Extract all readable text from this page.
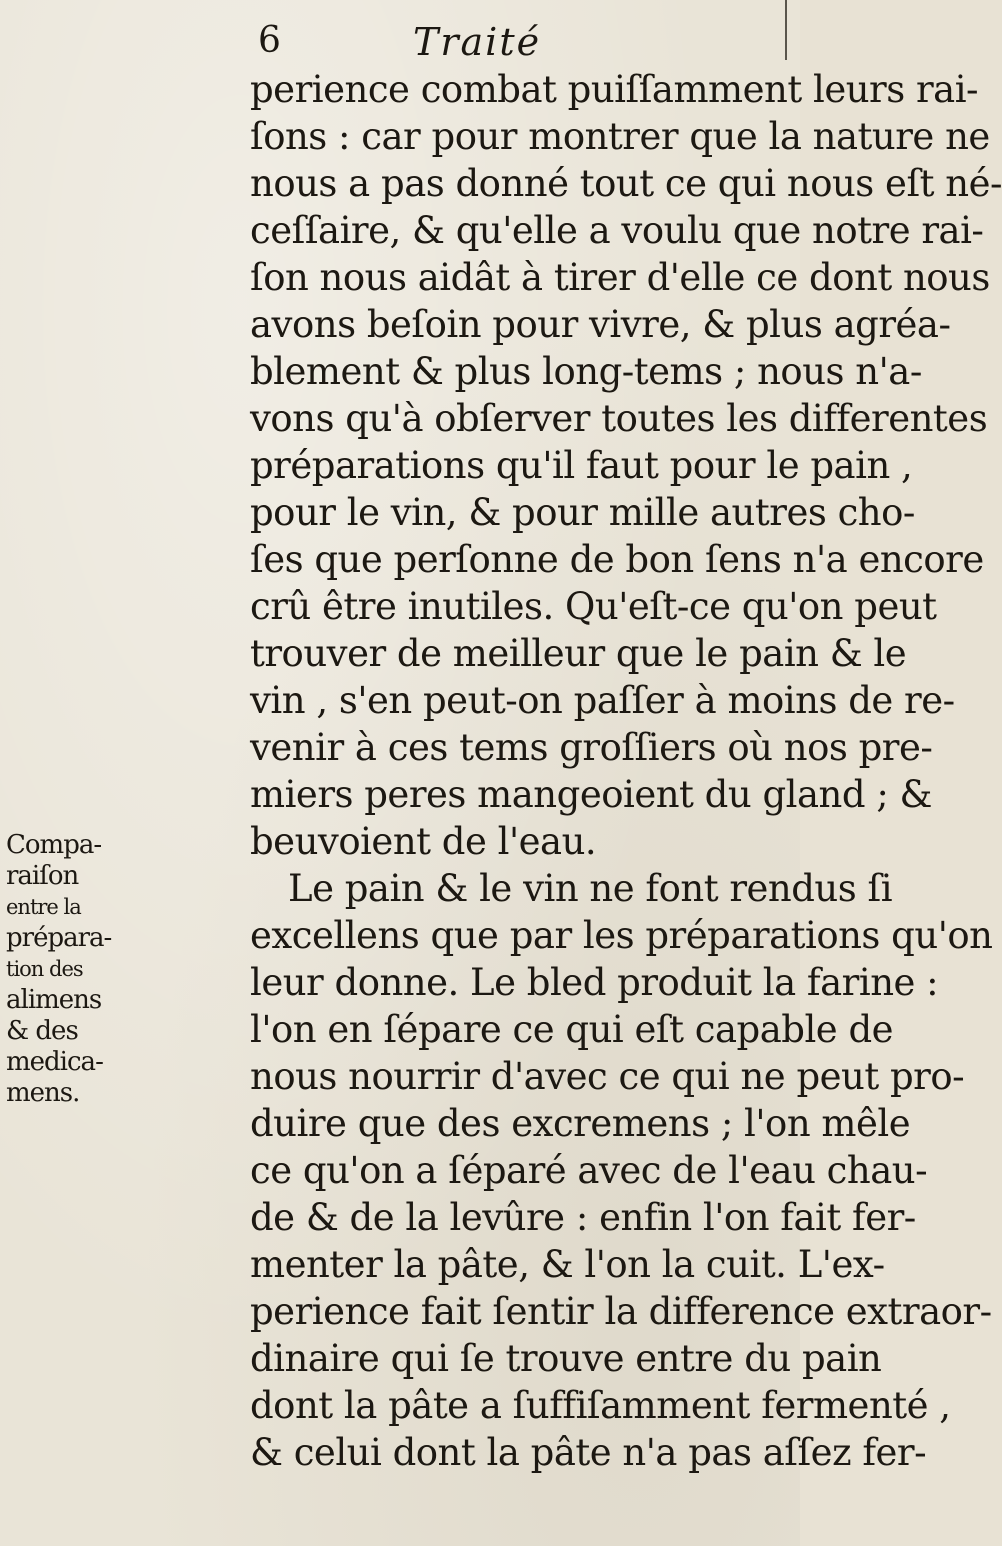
6	Traité
perience combat puiſſamment leurs rai-
ſons : car pour montrer que la nature ne
nous a pas donné tout ce qui nous eſt né-
ceſſaire, & qu'elle a voulu que notre rai-
ſon nous aidât à tirer d'elle ce dont nous
avons beſoin pour vivre, & plus agréa-
blement & plus long-tems ; nous n'a-
vons qu'à obſerver toutes les differentes
préparations qu'il faut pour le pain ,
pour le vin, & pour mille autres cho-
ſes que perſonne de bon ſens n'a encore
crû être inutiles. Qu'eſt-ce qu'on peut
trouver de meilleur que le pain & le
vin , s'en peut-on paſſer à moins de re-
venir à ces tems groſſiers où nos pre-
miers peres mangeoient du gland ; &
beuvoient de l'eau.
Le pain & le vin ne font rendus ſi
excellens que par les préparations qu'on
leur donne. Le bled produit la farine :
l'on en ſépare ce qui eſt capable de
nous nourrir d'avec ce qui ne peut pro-
duire que des excremens ; l'on mêle
ce qu'on a ſéparé avec de l'eau chau-
de & de la levûre : enfin l'on fait fer-
menter la pâte, & l'on la cuit. L'ex-
perience fait ſentir la difference extraor-
dinaire qui ſe trouve entre du pain
dont la pâte a ſuffiſamment fermenté ,
& celui dont la pâte n'a pas aſſez fer-
Compa-
raiſon
entre la
prépara-
tion des
alimens
& des
medica-
mens.
